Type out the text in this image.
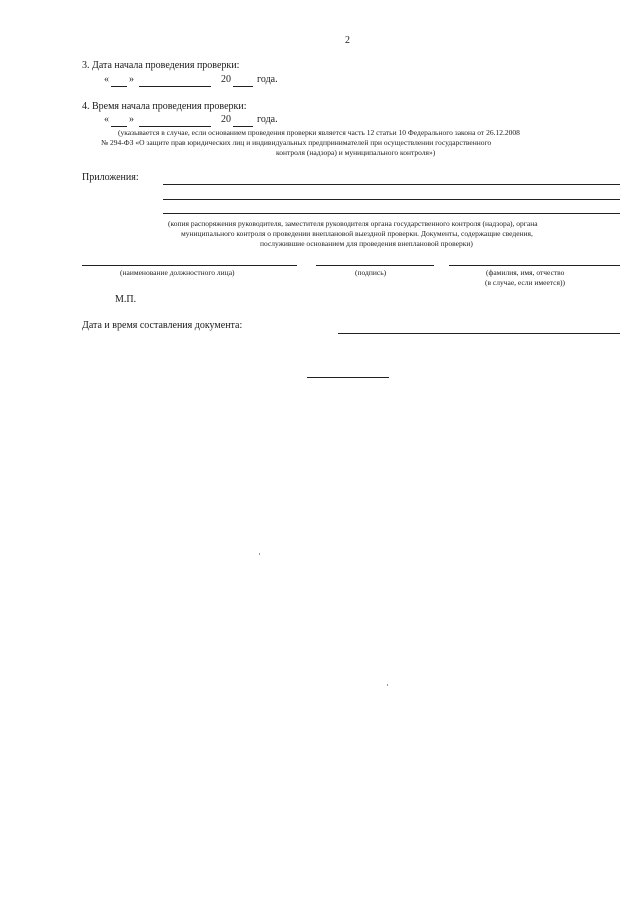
2
3. Дата начала проведения проверки:
« »	20	года.
4. Время начала проведения проверки:
« »	20	года.
(указывается в случае, если основанием проведения проверки является часть 12 статьи 10 Федерального закона от 26.12.2008
№ 294-ФЗ «О защите прав юридических лиц и индивидуальных предпринимателей при осуществлении государственного
контроля (надзора) и муниципального контроля»)
Приложения:
(копия распоряжения руководителя, заместителя руководителя органа государственного контроля (надзора), органа
муниципального контроля о проведении внеплановой выездной проверки. Документы, содержащие сведения,
послужившие основанием для проведения внеплановой проверки)
(наименование должностного лица)	(подпись)	(фамилия, имя, отчество
(в случае, если имеется))
М.П.
Дата и время составления документа:
